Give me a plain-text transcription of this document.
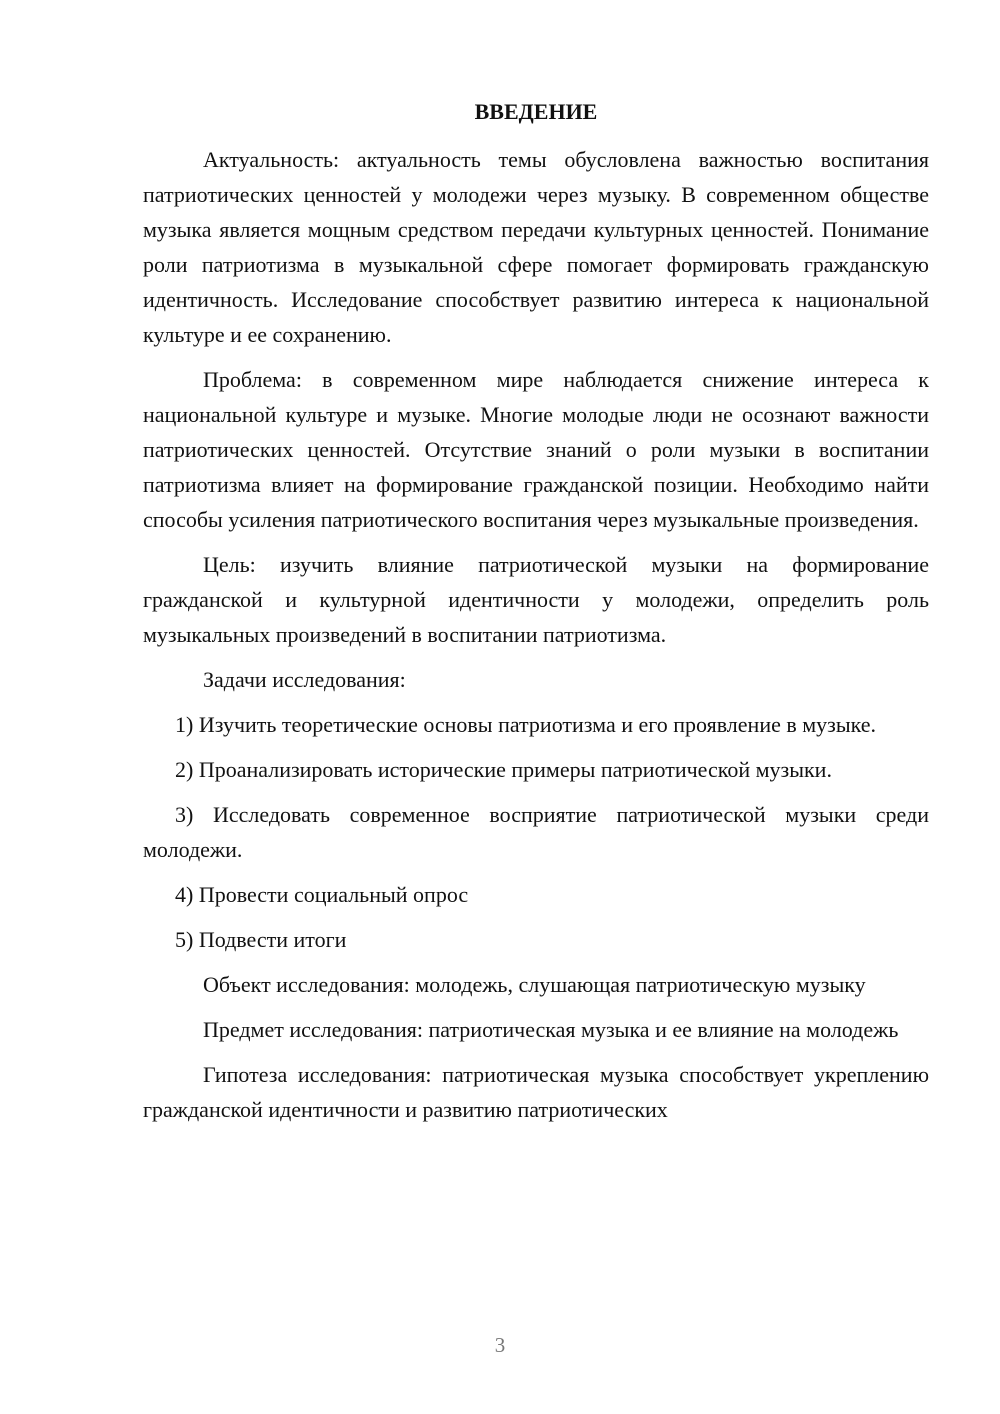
ВВЕДЕНИЕ

Актуальность: актуальность темы обусловлена важностью воспитания патриотических ценностей у молодежи через музыку. В современном обществе музыка является мощным средством передачи культурных ценностей. Понимание роли патриотизма в музыкальной сфере помогает формировать гражданскую идентичность. Исследование способствует развитию интереса к национальной культуре и ее сохранению.

Проблема: в современном мире наблюдается снижение интереса к национальной культуре и музыке. Многие молодые люди не осознают важности патриотических ценностей. Отсутствие знаний о роли музыки в воспитании патриотизма влияет на формирование гражданской позиции. Необходимо найти способы усиления патриотического воспитания через музыкальные произведения.

Цель: изучить влияние патриотической музыки на формирование гражданской и культурной идентичности у молодежи, определить роль музыкальных произведений в воспитании патриотизма.

Задачи исследования:

1) Изучить теоретические основы патриотизма и его проявление в музыке.

2) Проанализировать исторические примеры патриотической музыки.

3) Исследовать современное восприятие патриотической музыки среди молодежи.

4) Провести социальный опрос

5) Подвести итоги

Объект исследования: молодежь, слушающая патриотическую музыку

Предмет исследования: патриотическая музыка и ее влияние на молодежь

Гипотеза исследования: патриотическая музыка способствует укреплению гражданской идентичности и развитию патриотических

3
